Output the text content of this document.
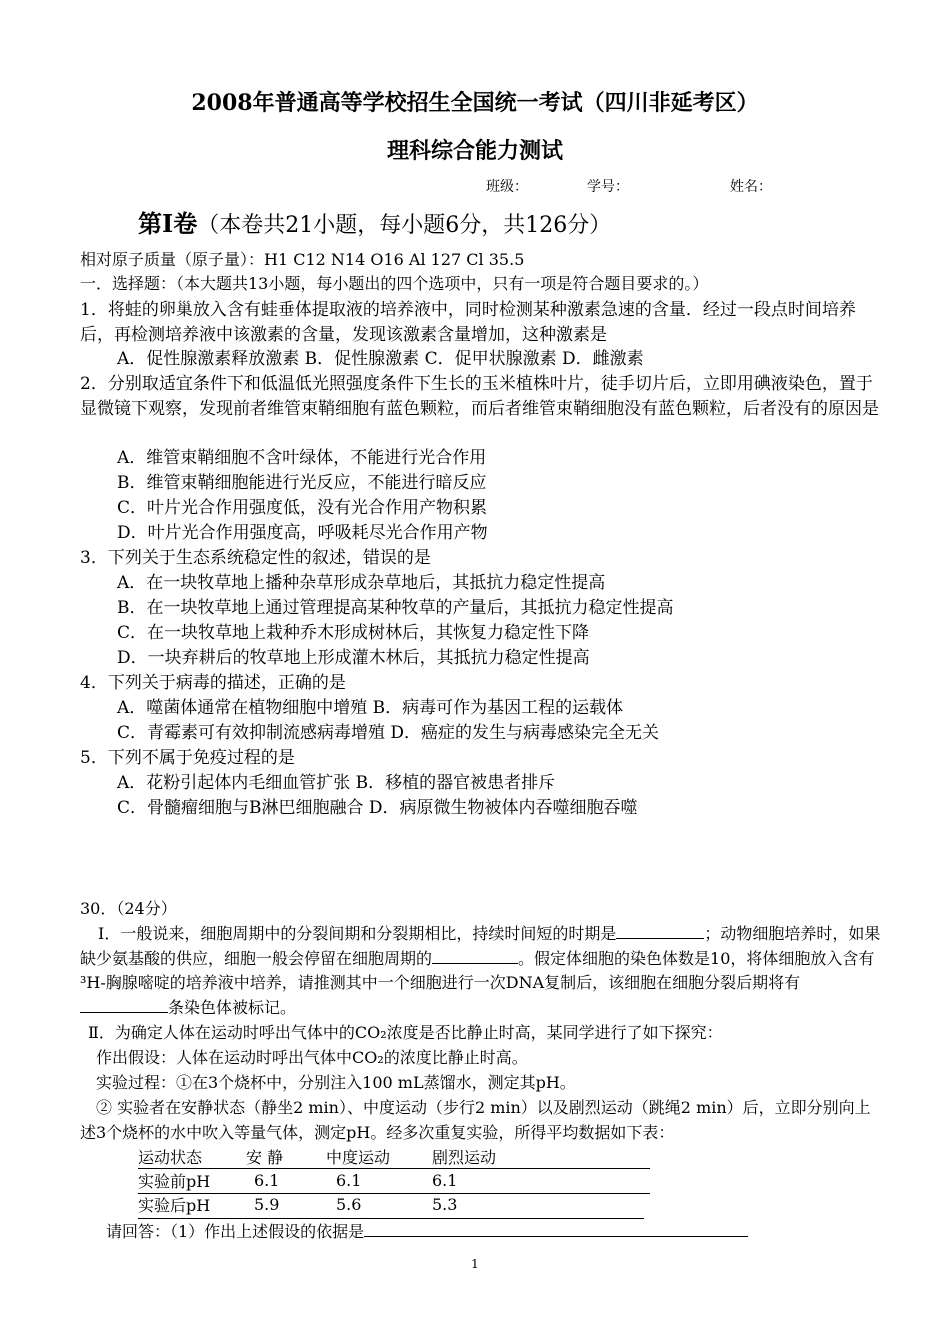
2008年普通高等学校招生全国统一考试（四川非延考区）
理科综合能力测试
班级：	学号：	姓名：
第Ⅰ卷（本卷共21小题，每小题6分，共126分）
相对原子质量（原子量）：H1 C12 N14 O16 Al 127 Cl 35.5
一．选择题：（本大题共13小题，每小题出的四个选项中，只有一项是符合题目要求的。）
1．将蛙的卵巢放入含有蛙垂体提取液的培养液中，同时检测某种激素急速的含量．经过一段点时间培养后，再检测培养液中该激素的含量，发现该激素含量增加，这种激素是
A．促性腺激素释放激素 B．促性腺激素 C．促甲状腺激素 D．雌激素
2．分别取适宜条件下和低温低光照强度条件下生长的玉米植株叶片，徒手切片后，立即用碘液染色，置于显微镜下观察，发现前者维管束鞘细胞有蓝色颗粒，而后者维管束鞘细胞没有蓝色颗粒，后者没有的原因是
A．维管束鞘细胞不含叶绿体，不能进行光合作用
B．维管束鞘细胞能进行光反应，不能进行暗反应
C．叶片光合作用强度低，没有光合作用产物积累
D．叶片光合作用强度高，呼吸耗尽光合作用产物
3．下列关于生态系统稳定性的叙述，错误的是
A．在一块牧草地上播种杂草形成杂草地后，其抵抗力稳定性提高
B．在一块牧草地上通过管理提高某种牧草的产量后，其抵抗力稳定性提高
C．在一块牧草地上栽种乔木形成树林后，其恢复力稳定性下降
D．一块弃耕后的牧草地上形成灌木林后，其抵抗力稳定性提高
4．下列关于病毒的描述，正确的是
A．噬菌体通常在植物细胞中增殖 B．病毒可作为基因工程的运载体
C．青霉素可有效抑制流感病毒增殖 D．癌症的发生与病毒感染完全无关
5．下列不属于免疫过程的是
A．花粉引起体内毛细血管扩张 B．移植的器官被患者排斥
C．骨髓瘤细胞与B淋巴细胞融合 D．病原微生物被体内吞噬细胞吞噬
30．（24分）
Ⅰ．一般说来，细胞周期中的分裂间期和分裂期相比，持续时间短的时期是	；动物细胞培养时，如果缺少氨基酸的供应，细胞一般会停留在细胞周期的	。假定体细胞的染色体数是10，将体细胞放入含有³H-胸腺嘧啶的培养液中培养，请推测其中一个细胞进行一次DNA复制后，该细胞在细胞分裂后期将有条染色体被标记。
Ⅱ．为确定人体在运动时呼出气体中的CO₂浓度是否比静止时高，某同学进行了如下探究：
作出假设：人体在运动时呼出气体中CO₂的浓度比静止时高。
实验过程：①在3个烧杯中，分别注入100 mL蒸馏水，测定其pH。
② 实验者在安静状态（静坐2 min）、中度运动（步行2 min）以及剧烈运动（跳绳2 min）后，立即分别向上述3个烧杯的水中吹入等量气体，测定pH。经多次重复实验，所得平均数据如下表：
运动状态	安 静	中度运动	剧烈运动
实验前pH	6.1	6.1	6.1
实验后pH	5.9	5.6	5.3
请回答：（1）作出上述假设的依据是
1
